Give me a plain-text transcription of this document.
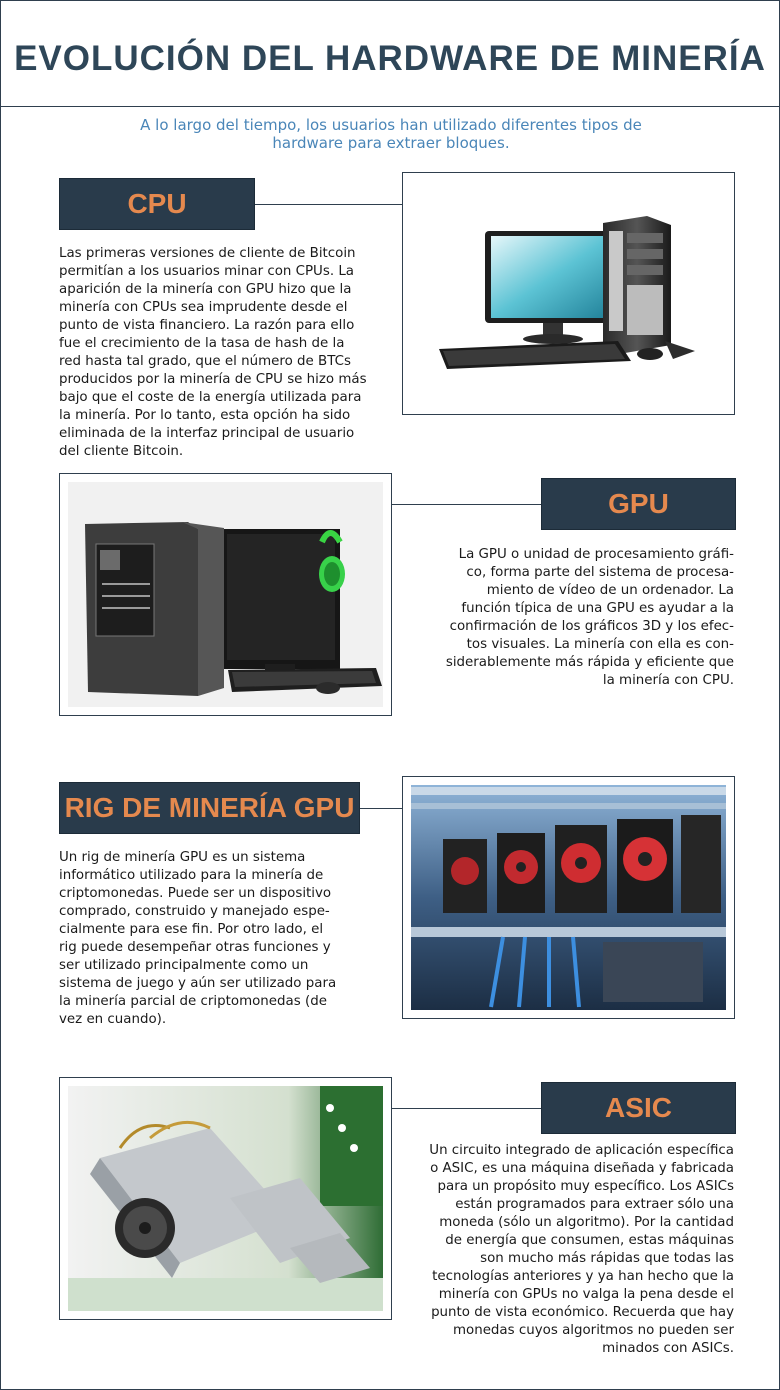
EVOLUCIÓN DEL HARDWARE DE MINERÍA
A lo largo del tiempo, los usuarios han utilizado diferentes tipos de
hardware para extraer bloques.
CPU
Las primeras versiones de cliente de Bitcoin
permitían a los usuarios minar con CPUs. La
aparición de la minería con GPU hizo que la
minería con CPUs sea imprudente desde el
punto de vista financiero. La razón para ello
fue el crecimiento de la tasa de hash de la
red hasta tal grado, que el número de BTCs
producidos por la minería de CPU se hizo más
bajo que el coste de la energía utilizada para
la minería. Por lo tanto, esta opción ha sido
eliminada de la interfaz principal de usuario
del cliente Bitcoin.
GPU
La GPU o unidad de procesamiento gráfi-
co, forma parte del sistema de procesa-
miento de vídeo de un ordenador. La
función típica de una GPU es ayudar a la
confirmación de los gráficos 3D y los efec-
tos visuales. La minería con ella es con-
siderablemente más rápida y eficiente que
la minería con CPU.
RIG DE MINERÍA GPU
Un rig de minería GPU es un sistema
informático utilizado para la minería de
criptomonedas. Puede ser un dispositivo
comprado, construido y manejado espe-
cialmente para ese fin. Por otro lado, el
rig puede desempeñar otras funciones y
ser utilizado principalmente como un
sistema de juego y aún ser utilizado para
la minería parcial de criptomonedas (de
vez en cuando).
ASIC
Un circuito integrado de aplicación específica
o ASIC, es una máquina diseñada y fabricada
para un propósito muy específico. Los ASICs
están programados para extraer sólo una
moneda (sólo un algoritmo). Por la cantidad
de energía que consumen, estas máquinas
son mucho más rápidas que todas las
tecnologías anteriores y ya han hecho que la
minería con GPUs no valga la pena desde el
punto de vista económico. Recuerda que hay
monedas cuyos algoritmos no pueden ser
minados con ASICs.
